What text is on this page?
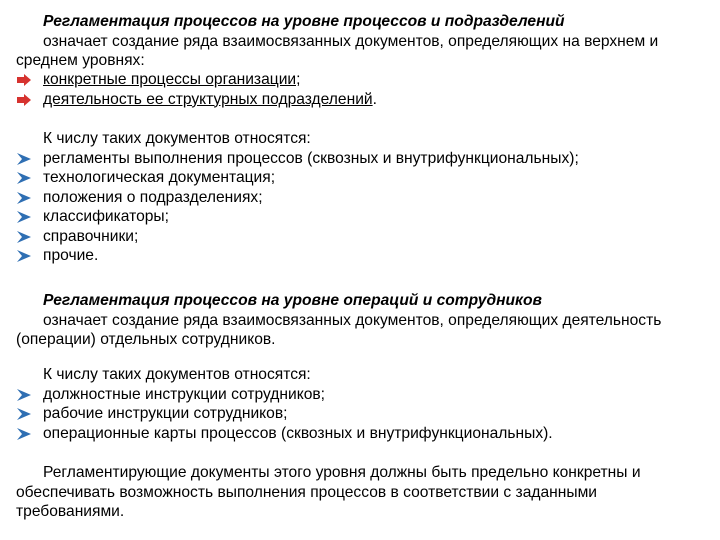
Регламентация процессов на уровне процессов и подразделений
означает создание ряда взаимосвязанных документов, определяющих на верхнем и среднем уровнях:
конкретные процессы организации;
деятельность ее структурных подразделений.
К числу таких документов относятся:
регламенты выполнения процессов (сквозных и внутрифункциональных);
технологическая документация;
положения о подразделениях;
классификаторы;
справочники;
прочие.
Регламентация процессов на уровне операций и сотрудников
означает создание ряда взаимосвязанных документов, определяющих деятельность (операции) отдельных сотрудников.
К числу таких документов относятся:
должностные инструкции сотрудников;
рабочие инструкции сотрудников;
операционные карты процессов (сквозных и внутрифункциональных).
Регламентирующие документы этого уровня должны быть предельно конкретны и обеспечивать возможность выполнения процессов в соответствии с заданными требованиями.
